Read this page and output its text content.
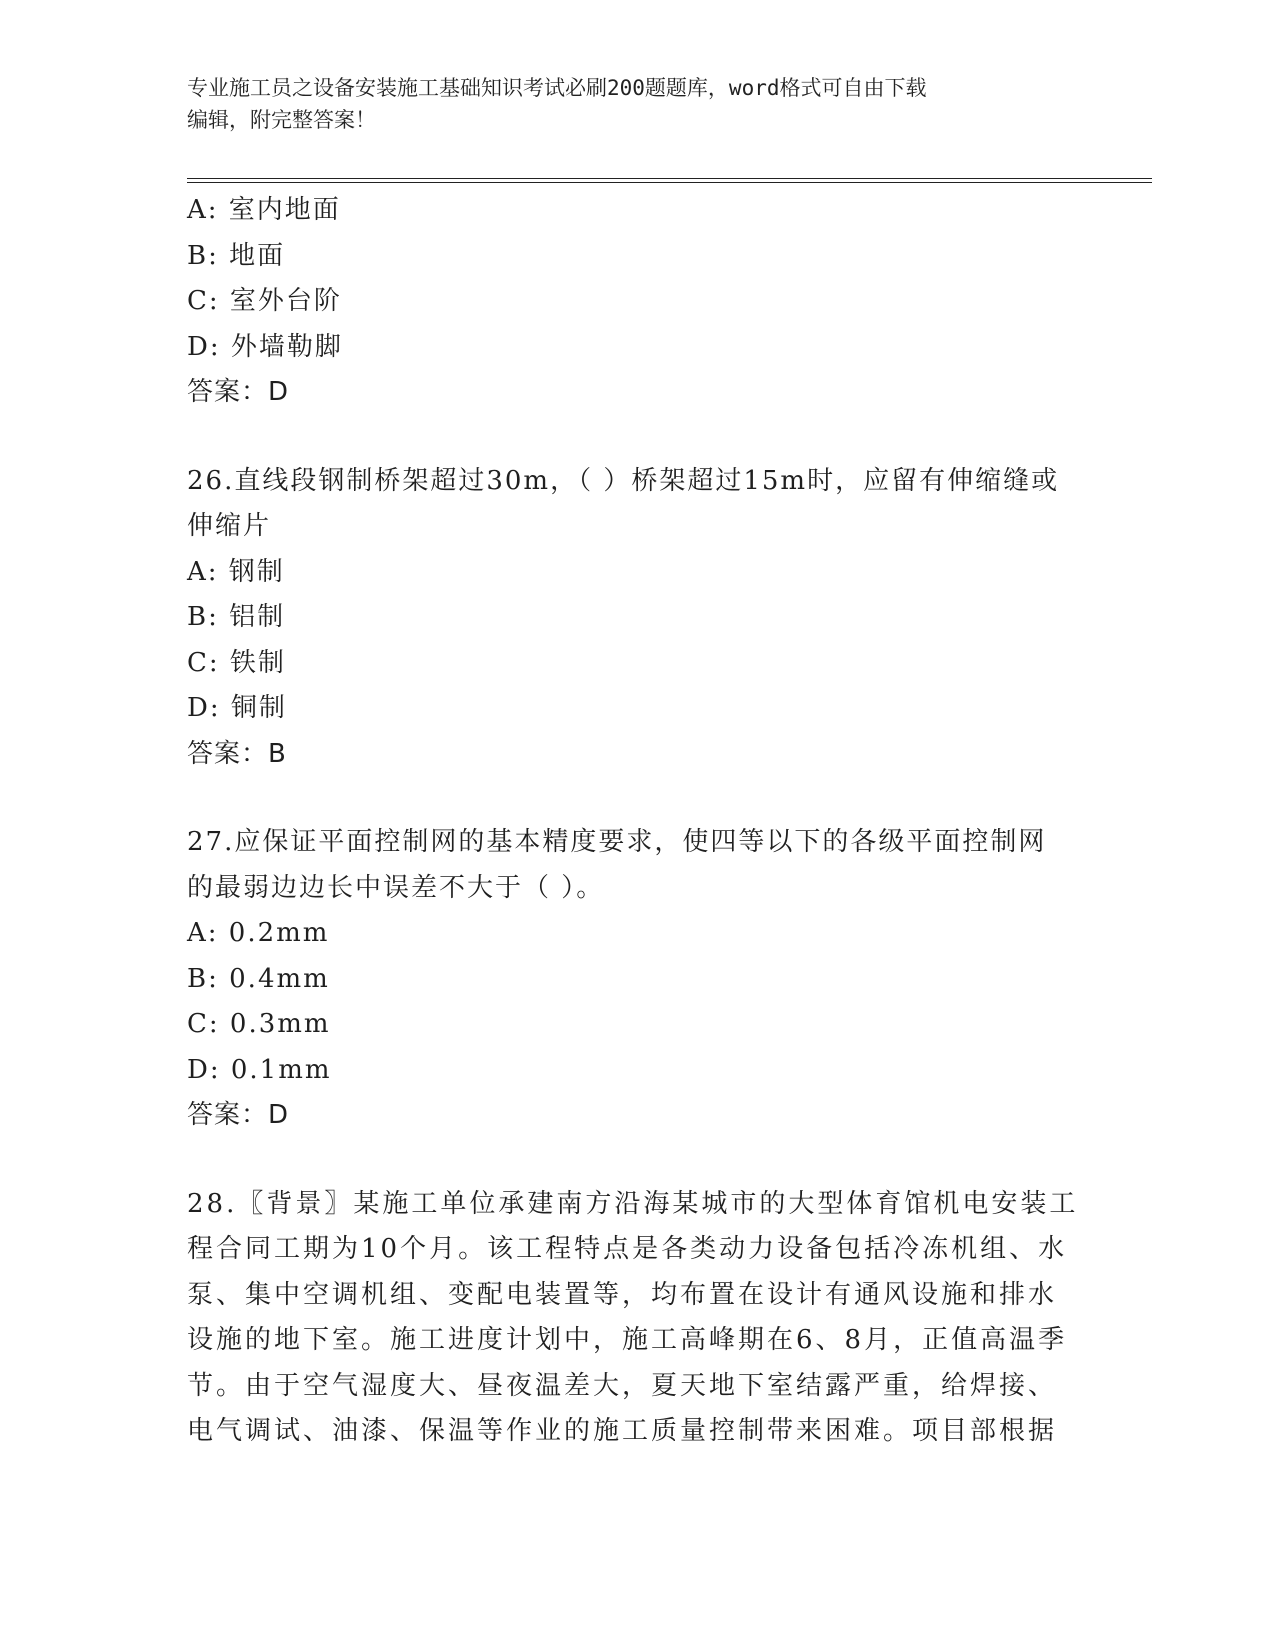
专业施工员之设备安装施工基础知识考试必刷200题题库，word格式可自由下载
编辑，附完整答案！
A: 室内地面
B: 地面
C: 室外台阶
D: 外墙勒脚
答案：D
26.直线段钢制桥架超过30m，（ ）桥架超过15m时，应留有伸缩缝或
伸缩片
A: 钢制
B: 铝制
C: 铁制
D: 铜制
答案：B
27.应保证平面控制网的基本精度要求，使四等以下的各级平面控制网
的最弱边边长中误差不大于（ ）。
A: 0.2mm
B: 0.4mm
C: 0.3mm
D: 0.1mm
答案：D
28.〖背景〗某施工单位承建南方沿海某城市的大型体育馆机电安装工
程合同工期为10个月。该工程特点是各类动力设备包括冷冻机组、水
泵、集中空调机组、变配电装置等，均布置在设计有通风设施和排水
设施的地下室。施工进度计划中，施工高峰期在6、8月，正值高温季
节。由于空气湿度大、昼夜温差大，夏天地下室结露严重，给焊接、
电气调试、油漆、保温等作业的施工质量控制带来困难。项目部根据
